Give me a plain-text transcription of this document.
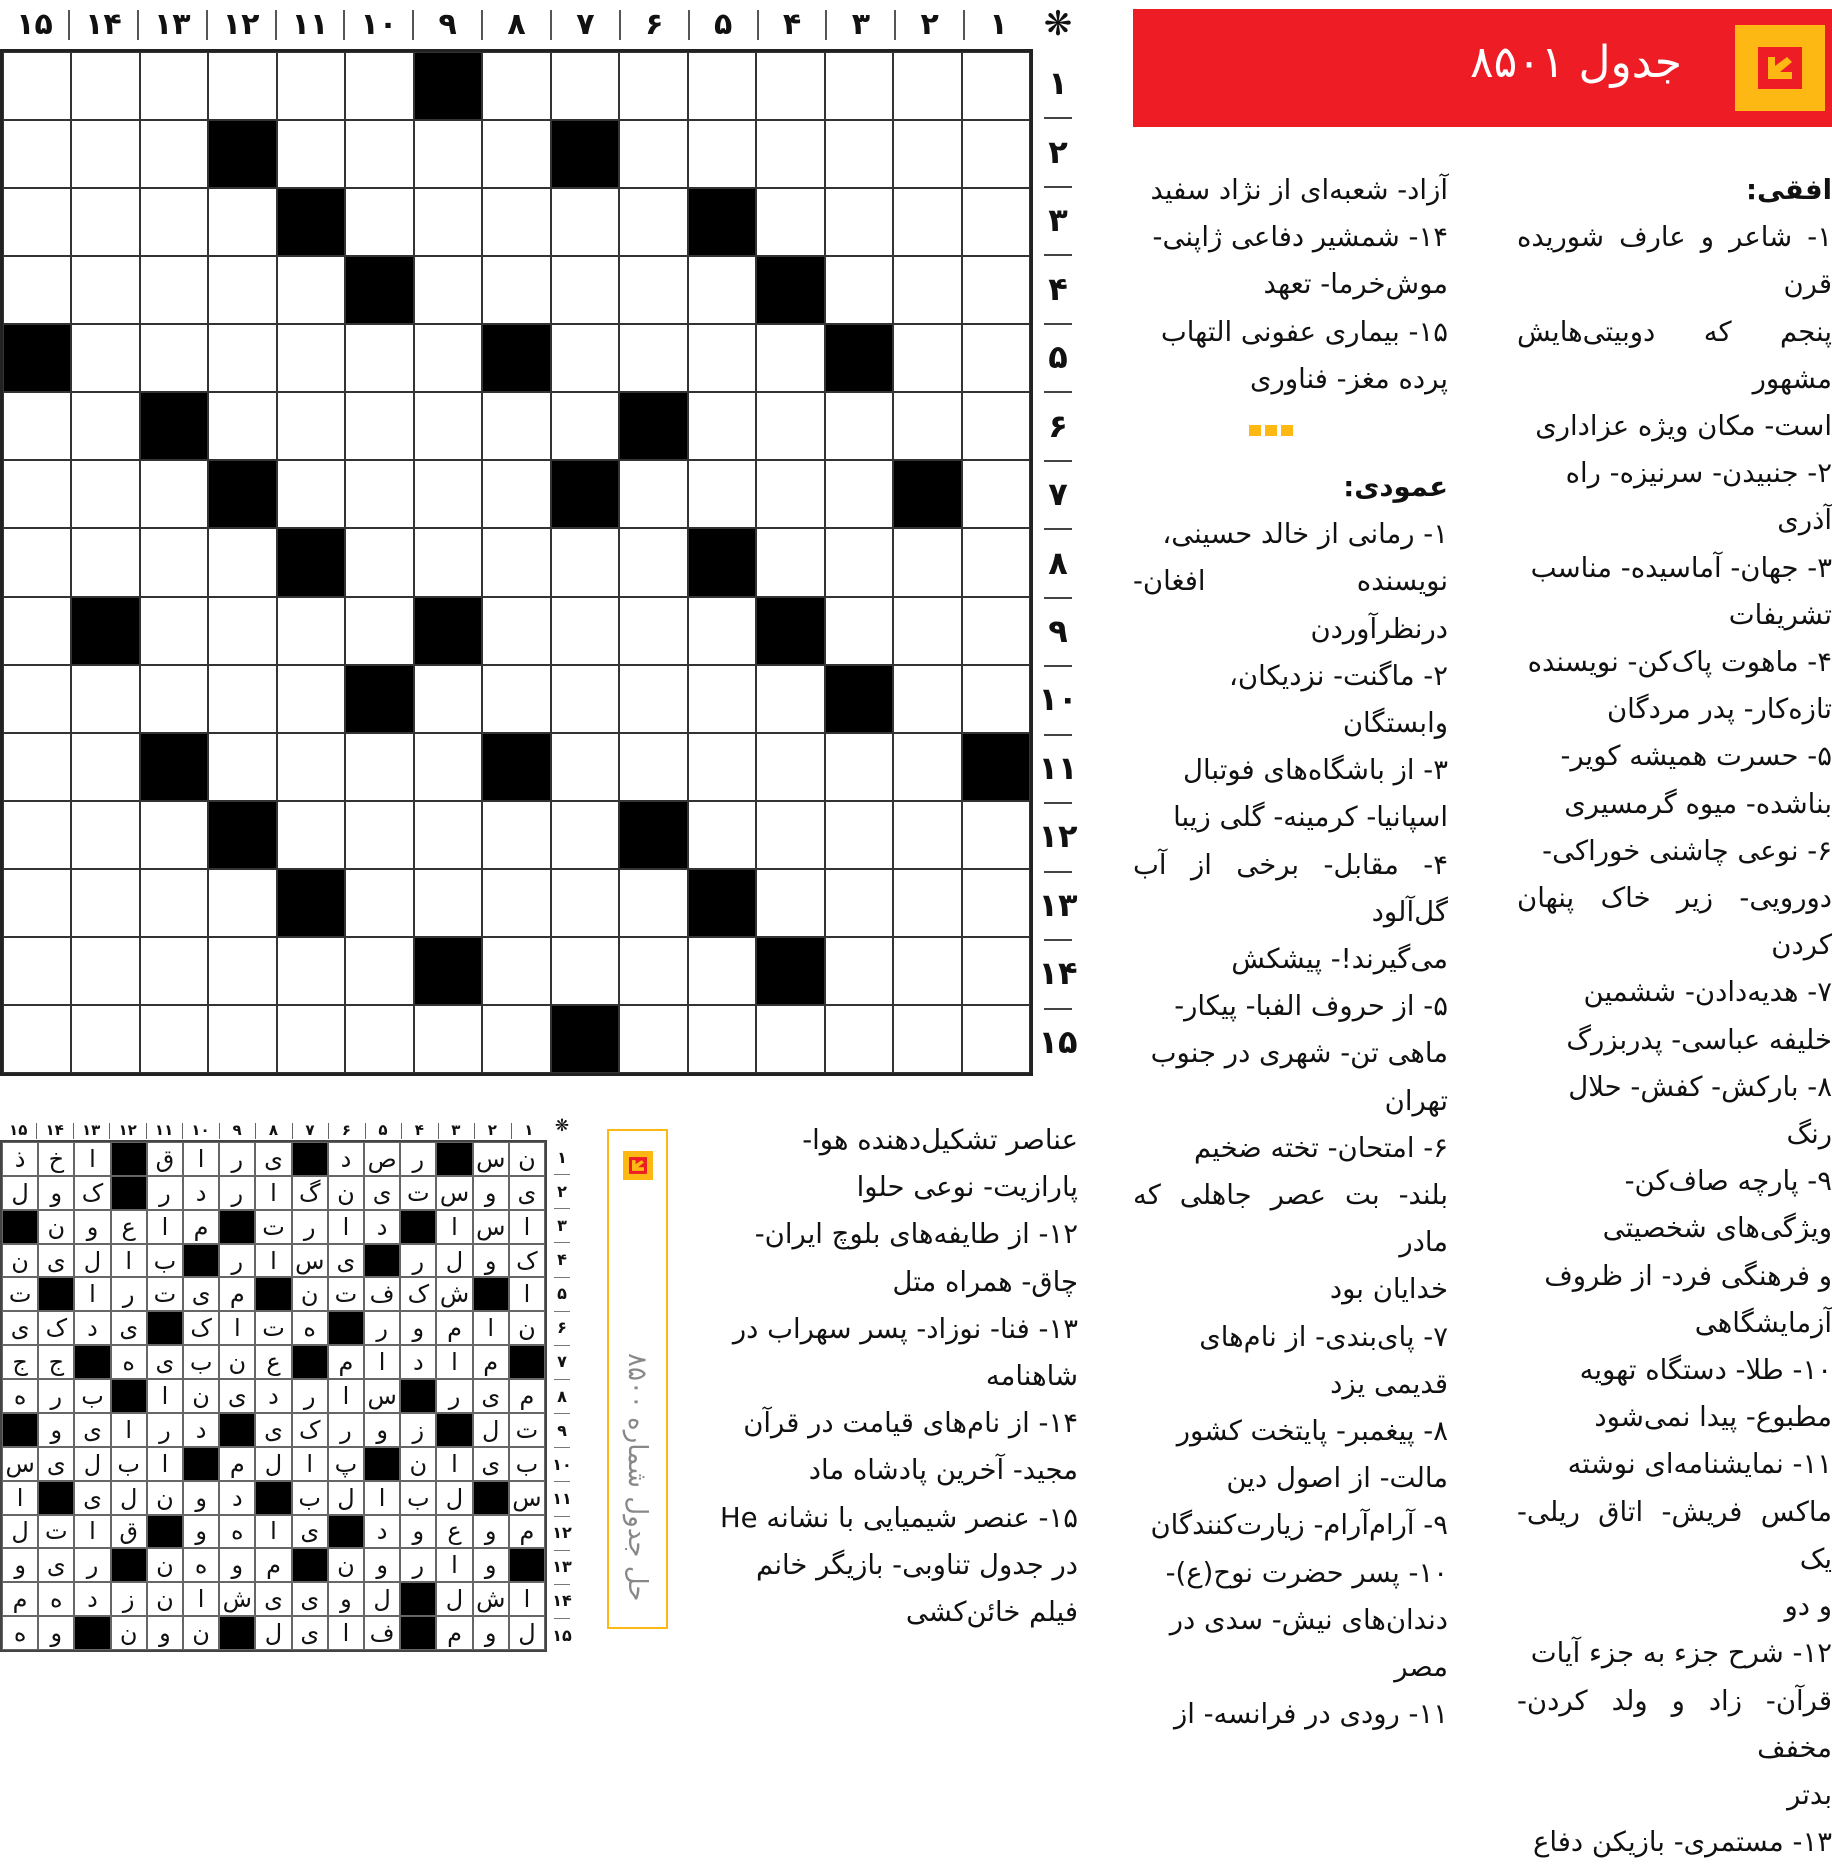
۱
۲
۳
۴
۵
۶
۷
۸
۹
۱۰
۱۱
۱۲
۱۳
۱۴
۱۵	❋
۱
۲
۳
۴
۵
۶
۷
۸
۹
۱۰
۱۱
۱۲
۱۳
۱۴
۱۵
جدول ۸۵۰۱

افقی:

۱- شاعر و عارف شوریده قرن

پنجم که دوبیتی‌هایش مشهور

است- مکان ویژه عزاداری

۲- جنبیدن- سرنیزه- راه

آذری

۳- جهان- آماسیده- مناسب

تشریفات

۴- ماهوت پاک‌کن- نویسنده

تازه‌کار- پدر مردگان

۵- حسرت همیشه کویر-

بناشده- میوه گرمسیری

۶- نوعی چاشنی خوراکی-

دورویی- زیر خاک پنهان کردن

۷- هدیه‌دادن- ششمین

خلیفه عباسی- پدربزرگ

۸- بارکش- کفش- حلال

رنگ

۹- پارچه صاف‌کن-

ویژگی‌های شخصیتی

و فرهنگی فرد- از ظروف

آزمایشگاهی

۱۰- طلا- دستگاه تهویه

مطبوع- پیدا نمی‌شود

۱۱- نمایشنامه‌ای نوشته

ماکس فریش- اتاق ریلی- یک

و دو

۱۲- شرح جزء به جزء آیات

قرآن- زاد و ولد کردن- مخفف

بدتر

۱۳- مستمری- بازیکن دفاع

آزاد- شعبه‌ای از نژاد سفید

۱۴- شمشیر دفاعی ژاپنی-

موش‌خرما- تعهد

۱۵- بیماری عفونی التهاب

پرده مغز- فناوری

عمودی:

۱- رمانی از خالد حسینی،

نویسنده افغان- درنظرآوردن

۲- ماگنت- نزدیکان،

وابستگان

۳- از باشگاه‌های فوتبال

اسپانیا- کرمینه- گلی زیبا

۴- مقابل- برخی از آب گل‌آلود

می‌گیرند!- پیشکش

۵- از حروف الفبا- پیکار-

ماهی تن- شهری در جنوب

تهران

۶- امتحان- تخته ضخیم

بلند- بت عصر جاهلی که مادر

خدایان بود

۷- پای‌بندی- از نام‌های

قدیمی یزد

۸- پیغمبر- پایتخت کشور

مالت- از اصول دین

۹- آرام‌آرام- زیارت‌کنندگان

۱۰- پسر حضرت نوح(ع)-

دندان‌های نیش- سدی در

مصر

۱۱- رودی در فرانسه- از

عناصر تشکیل‌دهنده هوا-

پارازیت- نوعی حلوا

۱۲- از طایفه‌های بلوچ ایران-

چاق- همراه متل

۱۳- فنا- نوزاد- پسر سهراب در

شاهنامه

۱۴- از نام‌های قیامت در قرآن

مجید- آخرین پادشاه ماد

۱۵- عنصر شیمیایی با نشانه He

در جدول تناوبی- بازیگر خانم

فیلم خائن‌کشی

حل جدول شماره ۸۵۰۰
۱
۲
۳
۴
۵
۶
۷
۸
۹
۱۰
۱۱
۱۲
۱۳
۱۴
۱۵	❋
ن
س
ر
ص
د
ی
ر
ا
ق
ا
خ
ذ
ی
و
س
ت
ی
ن
گ
ا
ر
د
ر
ک
و
ل
ا
س
ا
د
ا
ر
ت
م
ا
ع
و
ن
ک
و
ل
ر
ی
س
ا
ر
ب
ا
ل
ی
ن
ا
ش
ک
ف
ت
ن
م
ی
ت
ر
ا
ت
ن
ا
م
و
ر
ه
ت
ا
ک
ی
د
ک
ی
م
ا
د
ا
م
ع
ن
ب
ی
ه
ج
ج
م
ی
ر
س
ا
ر
د
ی
ن
ا
ب
ر
ه
ت
ل
ز
و
ر
ک
ی
د
ر
ا
ی
و
ب
ی
ا
ن
پ
ا
ل
م
ا
ب
ل
ی
س
س
ل
ب
ا
ل
ب
د
و
ن
ل
ی
ا
م
و
ع
و
د
ی
ا
ه
و
ق
ا
ت
ل
و
ا
ر
و
ن
م
و
ه
ن
ر
ی
و
ا
ش
ل
ل
و
ی
ی
ش
ا
ن
ز
د
ه
م
ل
و
م
ف
ا
ی
ل
ن
و
ن
و
ه
۱
۲
۳
۴
۵
۶
۷
۸
۹
۱۰
۱۱
۱۲
۱۳
۱۴
۱۵
